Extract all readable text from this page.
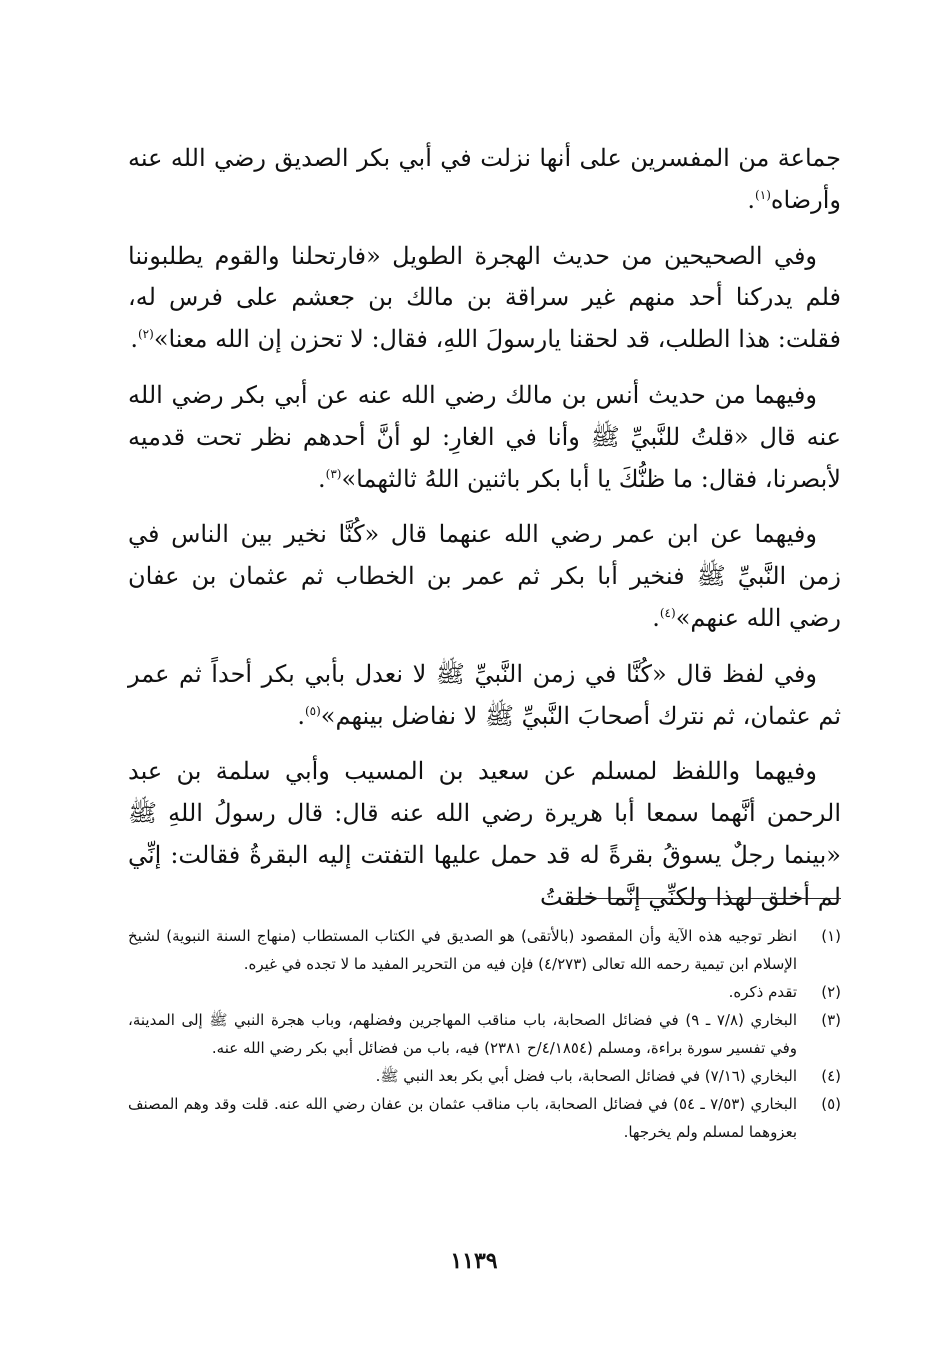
جماعة من المفسرين على أنها نزلت في أبي بكر الصديق رضي الله عنه وأرضاه$^{(١)}$.

وفي الصحيحين من حديث الهجرة الطويل «فارتحلنا والقوم يطلبوننا فلم يدركنا أحد منهم غير سراقة بن مالك بن جعشم على فرس له، فقلت: هذا الطلب، قد لحقنا يارسولَ اللهِ، فقال: لا تحزن إن الله معنا»$^{(٢)}$.

وفيهما من حديث أنس بن مالك رضي الله عنه عن أبي بكر رضي الله عنه قال «قلتُ للنَّبيِّ ﷺ وأنا في الغارِ: لو أنَّ أحدهم نظر تحت قدميه لأبصرنا، فقال: ما ظنُّكَ يا أبا بكر باثنين اللهُ ثالثهما»$^{(٣)}$.

وفيهما عن ابن عمر رضي الله عنهما قال «كُنَّا نخير بين الناس في زمن النَّبيِّ ﷺ فنخير أبا بكر ثم عمر بن الخطاب ثم عثمان بن عفان رضي الله عنهم»$^{(٤)}$.

وفي لفظ قال «كُنَّا في زمن النَّبيِّ ﷺ لا نعدل بأبي بكر أحداً ثم عمر ثم عثمان، ثم نترك أصحابَ النَّبيِّ ﷺ لا نفاضل بينهم»$^{(٥)}$.

وفيهما واللفظ لمسلم عن سعيد بن المسيب وأبي سلمة بن عبد الرحمن أنَّهما سمعا أبا هريرة رضي الله عنه قال: قال رسولُ اللهِ ﷺ «بينما رجلٌ يسوقُ بقرةً له قد حمل عليها التفتت إليه البقرةُ فقالت: إنِّي لم أخلق لهذا ولكنِّي إنَّما خلقتُ

(١)
انظر توجيه هذه الآية وأن المقصود (بالأتقى) هو الصديق في الكتاب المستطاب (منهاج السنة النبوية) لشيخ الإسلام ابن تيمية رحمه الله تعالى (٤/٢٧٣) فإن فيه من التحرير المفيد ما لا تجده في غيره.
(٢)
تقدم ذكره.
(٣)
البخاري (٧/٨ ـ ٩) في فضائل الصحابة، باب مناقب المهاجرين وفضلهم، وباب هجرة النبي ﷺ إلى المدينة، وفي تفسير سورة براءة، ومسلم (٤/١٨٥٤/ح ٢٣٨١) فيه، باب من فضائل أبي بكر رضي الله عنه.
(٤)
البخاري (٧/١٦) في فضائل الصحابة، باب فضل أبي بكر بعد النبي ﷺ.
(٥)
البخاري (٧/٥٣ ـ ٥٤) في فضائل الصحابة، باب مناقب عثمان بن عفان رضي الله عنه. قلت وقد وهم المصنف بعزوهما لمسلم ولم يخرجها.
١١٣٩
